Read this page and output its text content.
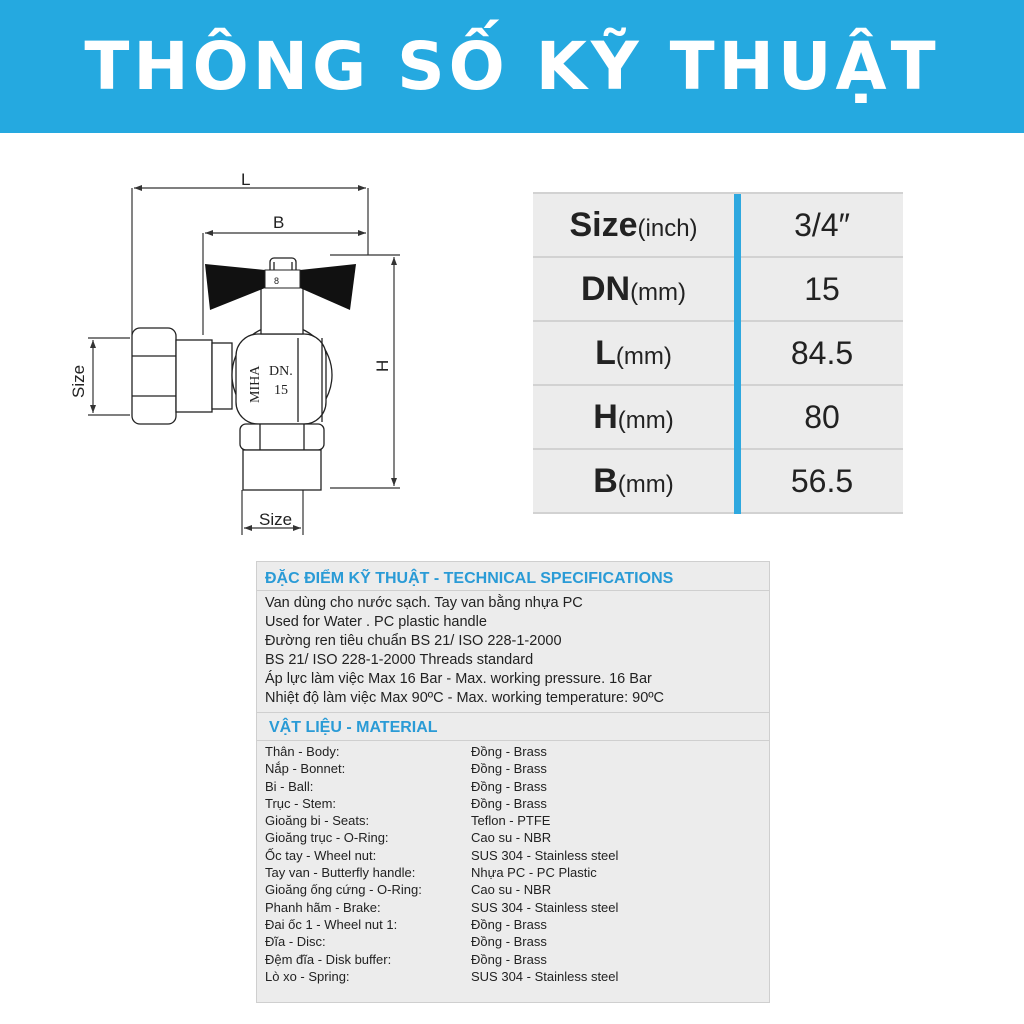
THÔNG SỐ KỸ THUẬT
L
B
H
Size
Size
8
MIHA DN.
15
Size(inch)		3/4″
DN(mm)		15
L(mm)		84.5
H(mm)		80
B(mm)		56.5
ĐẶC ĐIỂM KỸ THUẬT - TECHNICAL SPECIFICATIONS
Van dùng cho nước sạch. Tay van bằng nhựa PC
Used for Water . PC plastic handle
Đường ren tiêu chuẩn BS 21/ ISO 228-1-2000
BS 21/ ISO 228-1-2000 Threads standard
Áp lực làm việc Max 16 Bar - Max. working pressure. 16 Bar
Nhiệt độ làm việc Max 90ºC - Max. working temperature: 90ºC
VẬT LIỆU - MATERIAL
Thân - Body:	Đồng - Brass
Nắp - Bonnet:	Đồng - Brass
Bi - Ball:	Đồng - Brass
Trục - Stem:	Đồng - Brass
Gioăng bi - Seats:	Teflon - PTFE
Gioăng trục - O-Ring:	Cao su - NBR
Ốc tay - Wheel nut:	SUS 304 - Stainless steel
Tay van - Butterfly handle:	Nhựa PC - PC Plastic
Gioăng ống cứng - O-Ring:	Cao su - NBR
Phanh hãm - Brake:	SUS 304 - Stainless steel
Đai ốc 1 - Wheel nut 1:	Đồng - Brass
Đĩa - Disc:	Đồng - Brass
Đệm đĩa - Disk buffer:	Đồng - Brass
Lò xo - Spring:	SUS 304 - Stainless steel
